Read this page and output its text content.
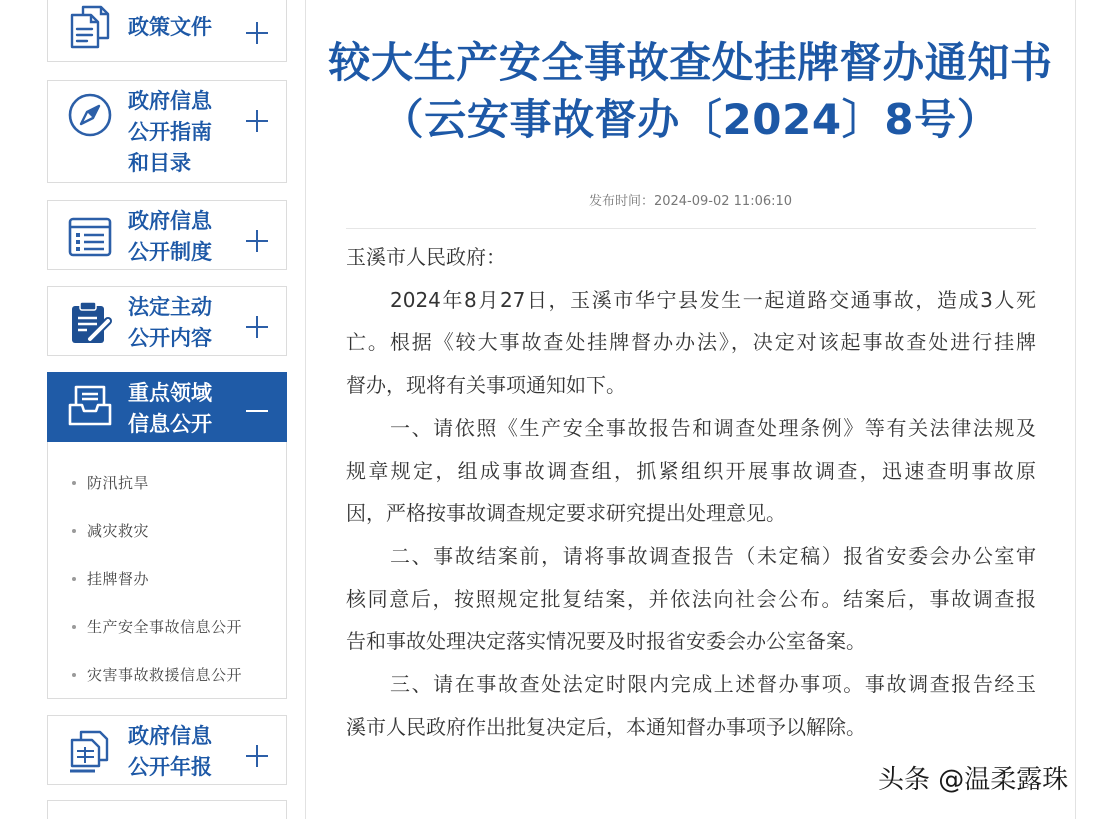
政策文件
政府信息
公开指南
和目录
政府信息
公开制度
法定主动
公开内容
重点领域
信息公开
防汛抗旱
减灾救灾
挂牌督办
生产安全事故信息公开
灾害事故救援信息公开
政府信息
公开年报
较大生产安全事故查处挂牌督办通知书
（云安事故督办〔2024〕8号）
发布时间：2024-09-02 11:06:10
玉溪市人民政府：
2024年8月27日，玉溪市华宁县发生一起道路交通事故，造成3人死
亡。根据《较大事故查处挂牌督办办法》，决定对该起事故查处进行挂牌
督办，现将有关事项通知如下。
一、请依照《生产安全事故报告和调查处理条例》等有关法律法规及
规章规定，组成事故调查组，抓紧组织开展事故调查，迅速查明事故原
因，严格按事故调查规定要求研究提出处理意见。
二、事故结案前，请将事故调查报告（未定稿）报省安委会办公室审
核同意后，按照规定批复结案，并依法向社会公布。结案后，事故调查报
告和事故处理决定落实情况要及时报省安委会办公室备案。
三、请在事故查处法定时限内完成上述督办事项。事故调查报告经玉
溪市人民政府作出批复决定后，本通知督办事项予以解除。
头条 @温柔露珠
